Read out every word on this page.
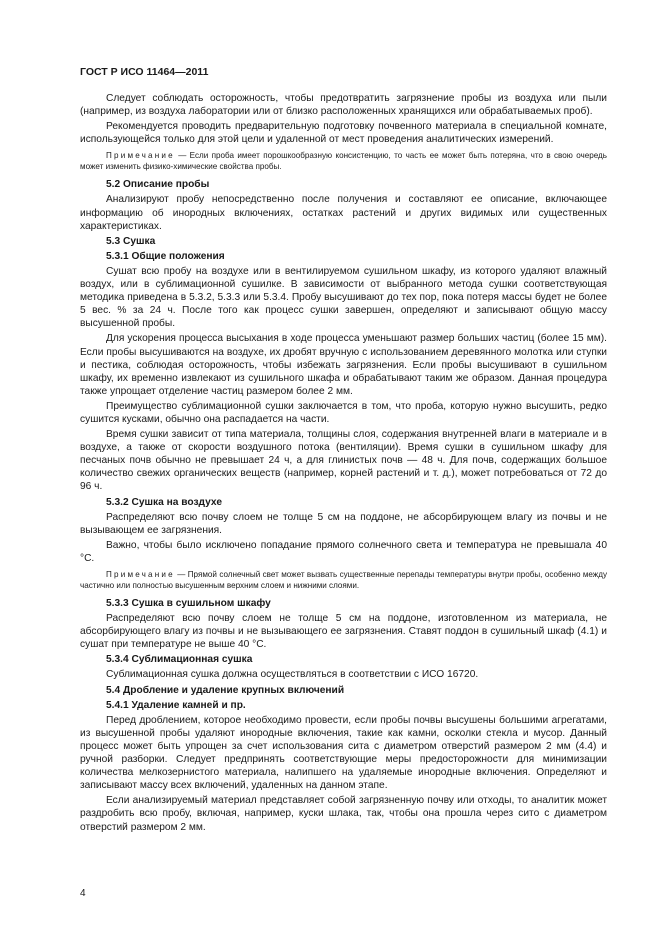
ГОСТ Р ИСО 11464—2011

Следует соблюдать осторожность, чтобы предотвратить загрязнение пробы из воздуха или пыли (например, из воздуха лаборатории или от близко расположенных хранящихся или обрабатываемых проб).

Рекомендуется проводить предварительную подготовку почвенного материала в специальной комнате, использующейся только для этой цели и удаленной от мест проведения аналитических измерений.

Примечание — Если проба имеет порошкообразную консистенцию, то часть ее может быть потеряна, что в свою очередь может изменить физико-химические свойства пробы.

5.2 Описание пробы

Анализируют пробу непосредственно после получения и составляют ее описание, включающее информацию об инородных включениях, остатках растений и других видимых или существенных характеристиках.

5.3 Сушка

5.3.1 Общие положения

Сушат всю пробу на воздухе или в вентилируемом сушильном шкафу, из которого удаляют влажный воздух, или в сублимационной сушилке. В зависимости от выбранного метода сушки соответствующая методика приведена в 5.3.2, 5.3.3 или 5.3.4. Пробу высушивают до тех пор, пока потеря массы будет не более 5 вес. % за 24 ч. После того как процесс сушки завершен, определяют и записывают общую массу высушенной пробы.

Для ускорения процесса высыхания в ходе процесса уменьшают размер больших частиц (более 15 мм). Если пробы высушиваются на воздухе, их дробят вручную с использованием деревянного молотка или ступки и пестика, соблюдая осторожность, чтобы избежать загрязнения. Если пробы высушивают в сушильном шкафу, их временно извлекают из сушильного шкафа и обрабатывают таким же образом. Данная процедура также упрощает отделение частиц размером более 2 мм.

Преимущество сублимационной сушки заключается в том, что проба, которую нужно высушить, редко сушится кусками, обычно она распадается на части.

Время сушки зависит от типа материала, толщины слоя, содержания внутренней влаги в материале и в воздухе, а также от скорости воздушного потока (вентиляции). Время сушки в сушильном шкафу для песчаных почв обычно не превышает 24 ч, а для глинистых почв — 48 ч. Для почв, содержащих большое количество свежих органических веществ (например, корней растений и т. д.), может потребоваться от 72 до 96 ч.

5.3.2 Сушка на воздухе

Распределяют всю почву слоем не толще 5 см на поддоне, не абсорбирующем влагу из почвы и не вызывающем ее загрязнения.

Важно, чтобы было исключено попадание прямого солнечного света и температура не превышала 40 °С.

Примечание — Прямой солнечный свет может вызвать существенные перепады температуры внутри пробы, особенно между частично или полностью высушенным верхним слоем и нижними слоями.

5.3.3 Сушка в сушильном шкафу

Распределяют всю почву слоем не толще 5 см на поддоне, изготовленном из материала, не абсорбирующего влагу из почвы и не вызывающего ее загрязнения. Ставят поддон в сушильный шкаф (4.1) и сушат при температуре не выше 40 °С.

5.3.4 Сублимационная сушка

Сублимационная сушка должна осуществляться в соответствии с ИСО 16720.

5.4 Дробление и удаление крупных включений

5.4.1 Удаление камней и пр.

Перед дроблением, которое необходимо провести, если пробы почвы высушены большими агрегатами, из высушенной пробы удаляют инородные включения, такие как камни, осколки стекла и мусор. Данный процесс может быть упрощен за счет использования сита с диаметром отверстий размером 2 мм (4.4) и ручной разборки. Следует предпринять соответствующие меры предосторожности для минимизации количества мелкозернистого материала, налипшего на удаляемые инородные включения. Определяют и записывают массу всех включений, удаленных на данном этапе.

Если анализируемый материал представляет собой загрязненную почву или отходы, то аналитик может раздробить всю пробу, включая, например, куски шлака, так, чтобы она прошла через сито с диаметром отверстий размером 2 мм.

4
